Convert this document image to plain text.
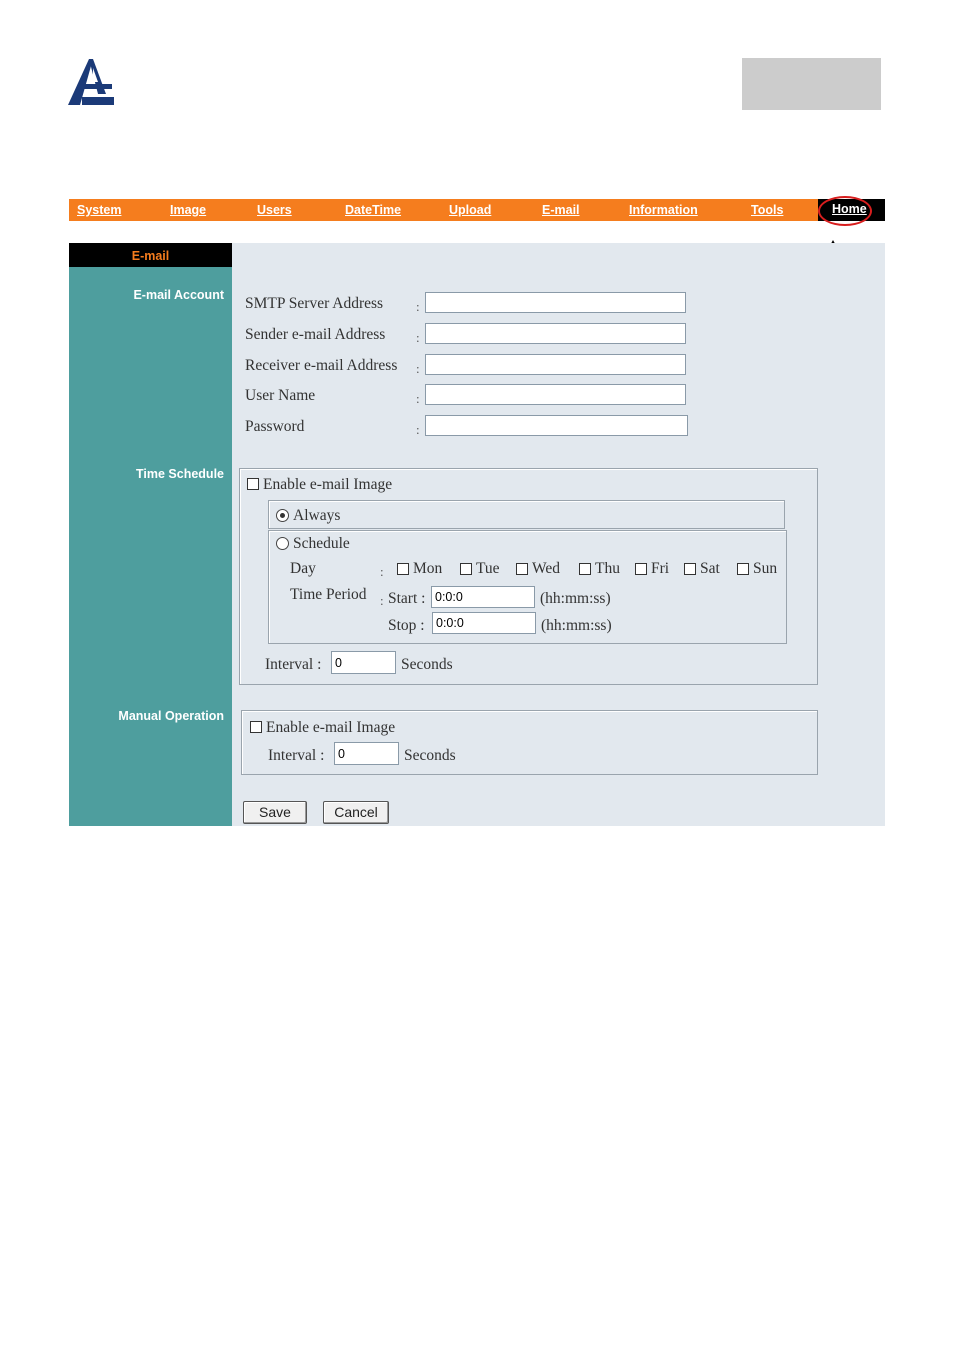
System	Image	Users	DateTime	Upload	E-mail	Information	Tools	Home
E-mail
E-mail Account
Time Schedule
Manual Operation
SMTP Server Address	:
Sender e-mail Address :
Receiver e-mail Address :
User Name	:
Password	:
Enable e-mail Image
Always
Schedule
Day	: Mon Tue Wed Thu Fri Sat Sun
Time Period : Start :
0:0:0	(hh:mm:ss)
Stop :
0:0:0	(hh:mm:ss)
Interval :
0	Seconds
Enable e-mail Image
Interval :
0	Seconds
Save	Cancel
